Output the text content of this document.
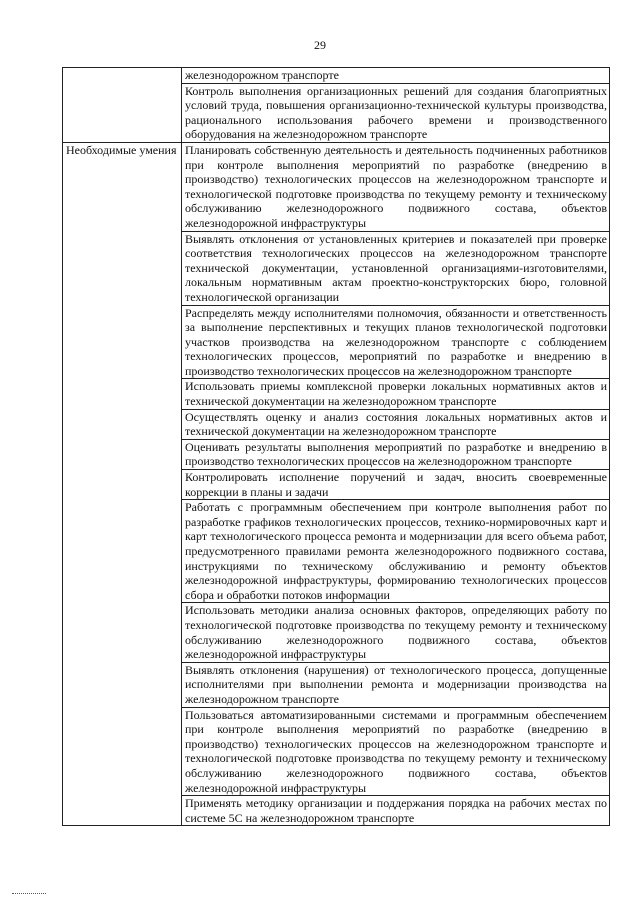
29
	железнодорожном транспорте
	Контроль выполнения организационных решений для создания благоприятных условий труда, повышения организационно-технической культуры производства, рационального использования рабочего времени и производственного оборудования на железнодорожном транспорте
Необходимые умения	Планировать собственную деятельность и деятельность подчиненных работников при контроле выполнения мероприятий по разработке (внедрению в производство) технологических процессов на железнодорожном транспорте и технологической подготовке производства по текущему ремонту и техническому обслуживанию железнодорожного подвижного состава, объектов железнодорожной инфраструктуры
	Выявлять отклонения от установленных критериев и показателей при проверке соответствия технологических процессов на железнодорожном транспорте технической документации, установленной организациями-изготовителями, локальным нормативным актам проектно-конструкторских бюро, головной технологической организации
	Распределять между исполнителями полномочия, обязанности и ответственность за выполнение перспективных и текущих планов технологической подготовки участков производства на железнодорожном транспорте с соблюдением технологических процессов, мероприятий по разработке и внедрению в производство технологических процессов на железнодорожном транспорте
	Использовать приемы комплексной проверки локальных нормативных актов и технической документации на железнодорожном транспорте
	Осуществлять оценку и анализ состояния локальных нормативных актов и технической документации на железнодорожном транспорте
	Оценивать результаты выполнения мероприятий по разработке и внедрению в производство технологических процессов на железнодорожном транспорте
	Контролировать исполнение поручений и задач, вносить своевременные коррекции в планы и задачи
	Работать с программным обеспечением при контроле выполнения работ по разработке графиков технологических процессов, технико-нормировочных карт и карт технологического процесса ремонта и модернизации для всего объема работ, предусмотренного правилами ремонта железнодорожного подвижного состава, инструкциями по техническому обслуживанию и ремонту объектов железнодорожной инфраструктуры, формированию технологических процессов сбора и обработки потоков информации
	Использовать методики анализа основных факторов, определяющих работу по технологической подготовке производства по текущему ремонту и техническому обслуживанию железнодорожного подвижного состава, объектов железнодорожной инфраструктуры
	Выявлять отклонения (нарушения) от технологического процесса, допущенные исполнителями при выполнении ремонта и модернизации производства на железнодорожном транспорте
	Пользоваться автоматизированными системами и программным обеспечением при контроле выполнения мероприятий по разработке (внедрению в производство) технологических процессов на железнодорожном транспорте и технологической подготовке производства по текущему ремонту и техническому обслуживанию железнодорожного подвижного состава, объектов железнодорожной инфраструктуры
	Применять методику организации и поддержания порядка на рабочих местах по системе 5С на железнодорожном транспорте
